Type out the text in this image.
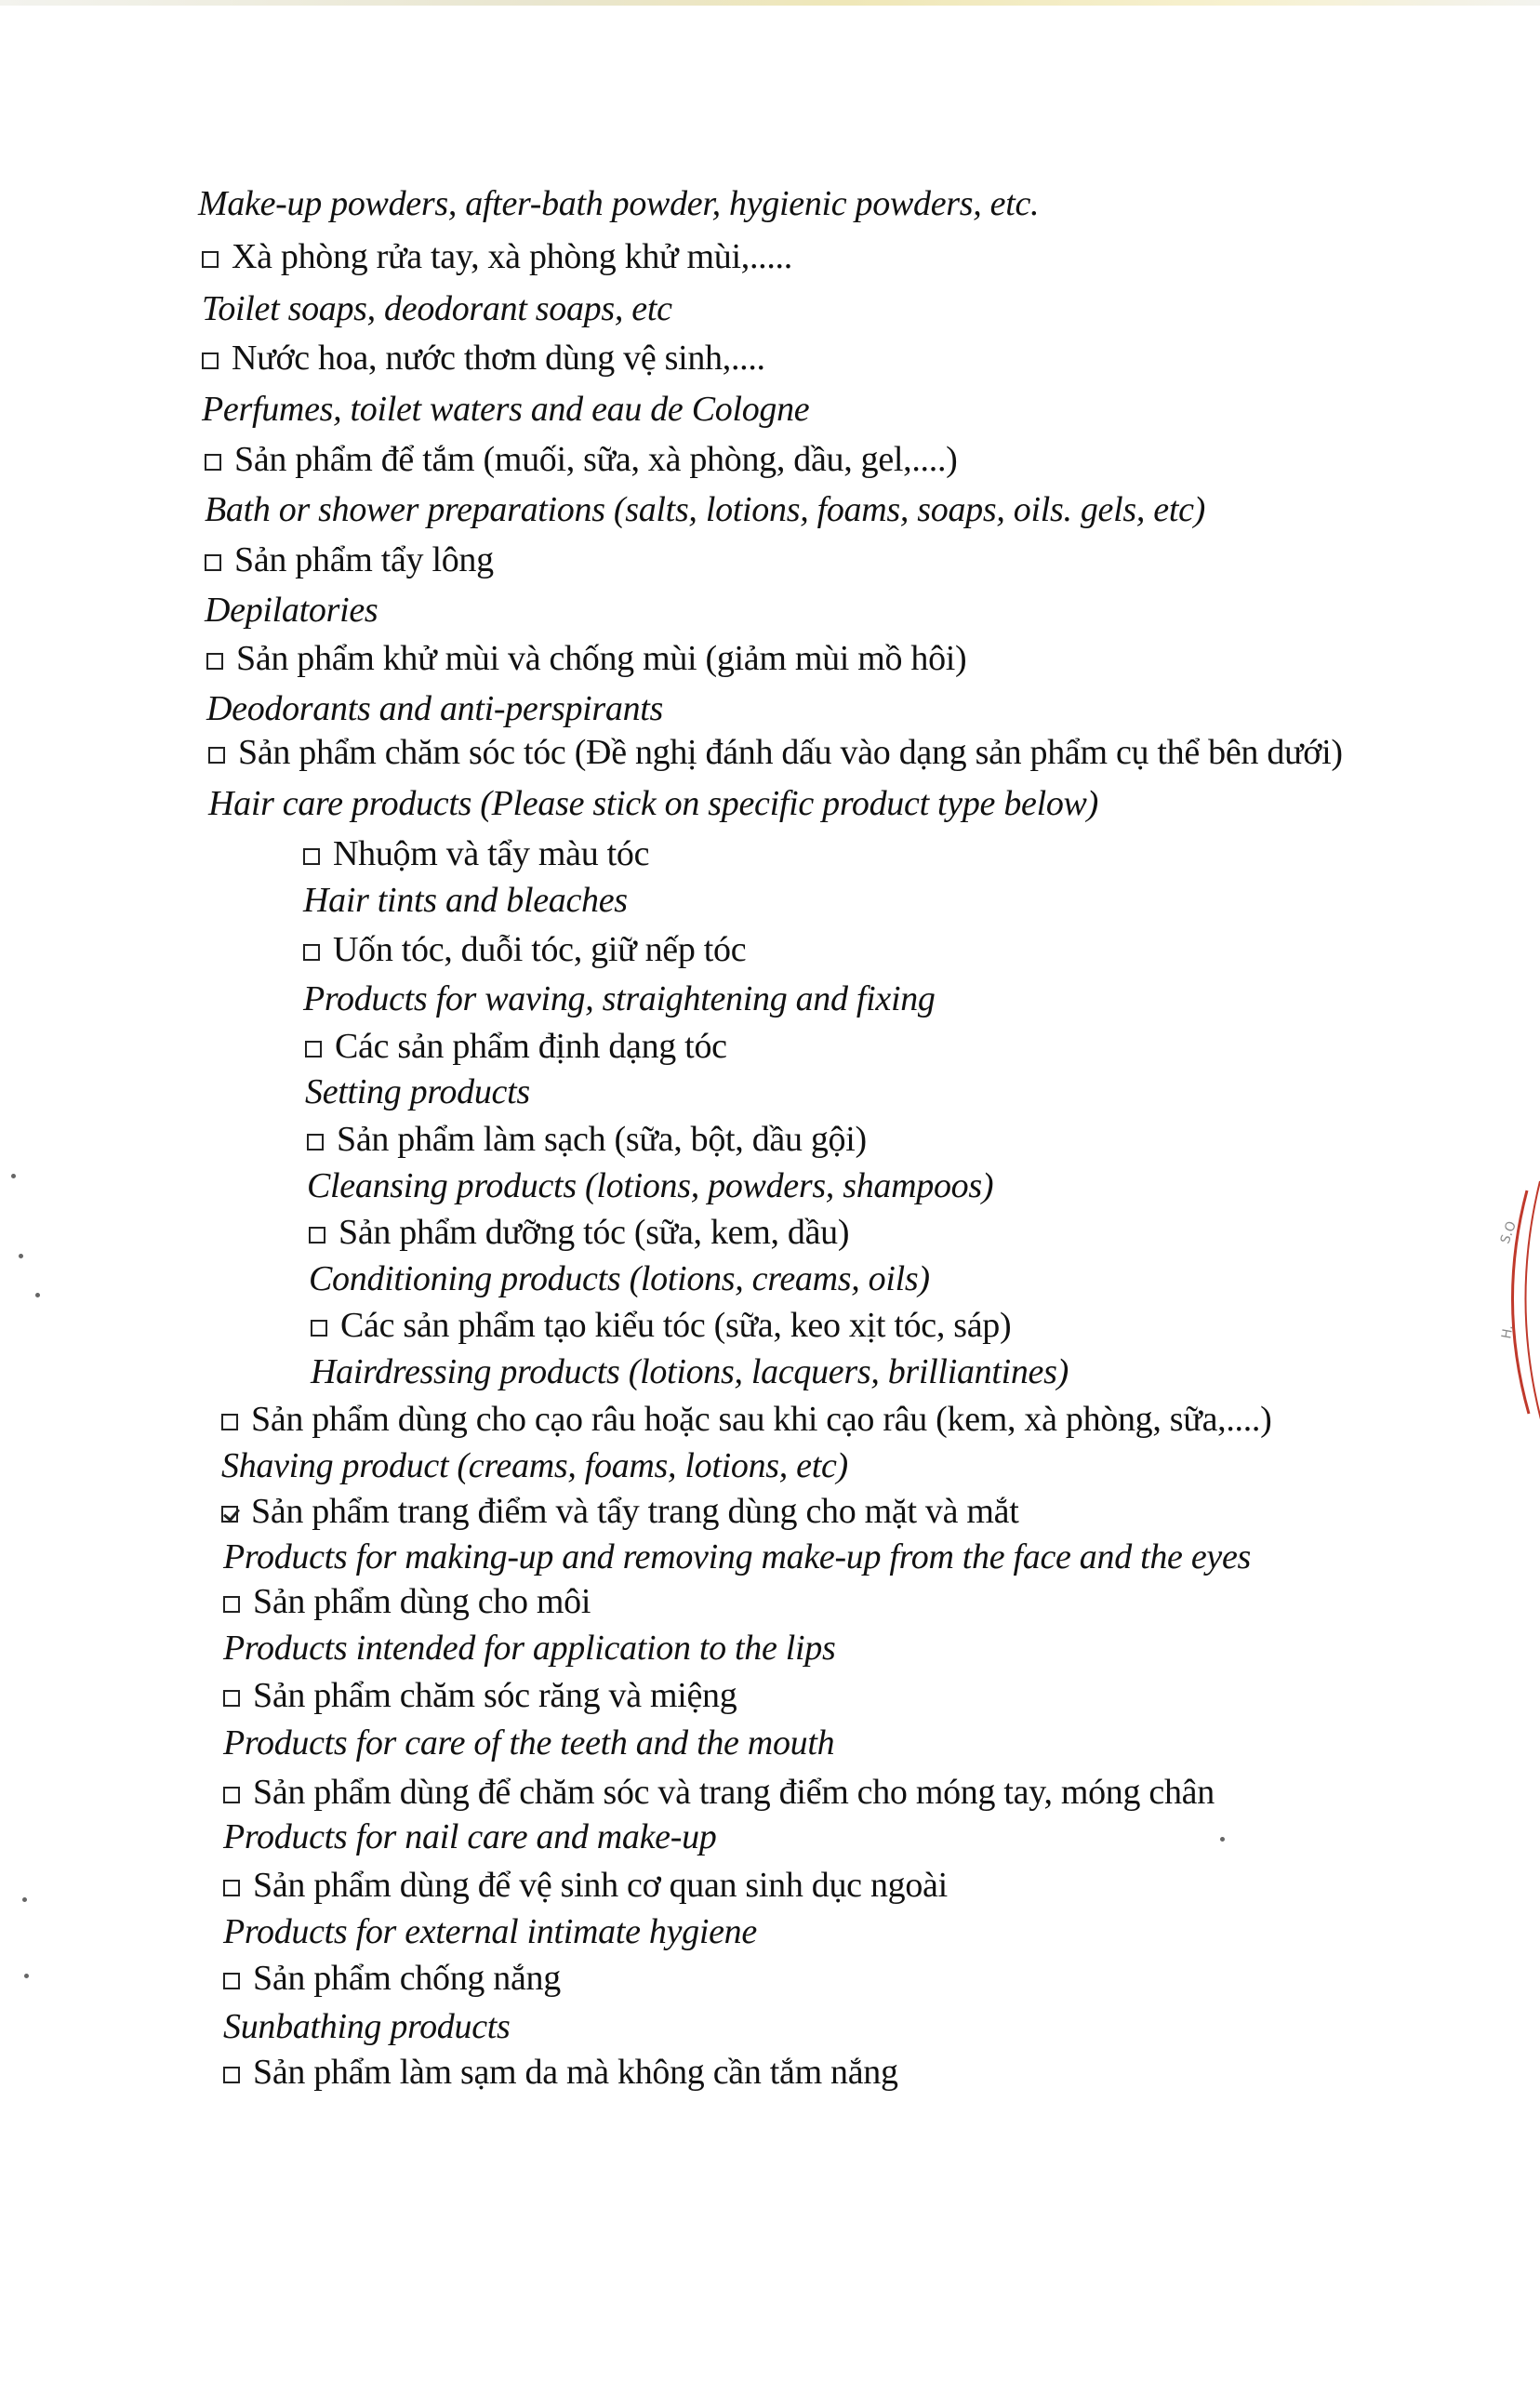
Make-up powders, after-bath powder, hygienic powders, etc.
Xà phòng rửa tay, xà phòng khử mùi,.....
Toilet soaps, deodorant soaps, etc
Nước hoa, nước thơm dùng vệ sinh,....
Perfumes, toilet waters and eau de Cologne
Sản phẩm để tắm (muối, sữa, xà phòng, dầu, gel,....)
Bath or shower preparations (salts, lotions, foams, soaps, oils. gels, etc)
Sản phẩm tẩy lông
Depilatories
Sản phẩm khử mùi và chống mùi (giảm mùi mồ hôi)
Deodorants and anti-perspirants
Sản phẩm chăm sóc tóc (Đề nghị đánh dấu vào dạng sản phẩm cụ thể bên dưới)
Hair care products (Please stick on specific product type below)
Nhuộm và tẩy màu tóc
Hair tints and bleaches
Uốn tóc, duỗi tóc, giữ nếp tóc
Products for waving, straightening and fixing
Các sản phẩm định dạng tóc
Setting products
Sản phẩm làm sạch (sữa, bột, dầu gội)
Cleansing products (lotions, powders, shampoos)
Sản phẩm dưỡng tóc (sữa, kem, dầu)
Conditioning products (lotions, creams, oils)
Các sản phẩm tạo kiểu tóc (sữa, keo xịt tóc, sáp)
Hairdressing products (lotions, lacquers, brilliantines)
Sản phẩm dùng cho cạo râu hoặc sau khi cạo râu (kem, xà phòng, sữa,....)
Shaving product (creams, foams, lotions, etc)
Sản phẩm trang điểm và tẩy trang dùng cho mặt và mắt
Products for making-up and removing make-up from the face and the eyes
Sản phẩm dùng cho môi
Products intended for application to the lips
Sản phẩm chăm sóc răng và miệng
Products for care of the teeth and the mouth
Sản phẩm dùng để chăm sóc và trang điểm cho móng tay, móng chân
Products for nail care and make-up
Sản phẩm dùng để vệ sinh cơ quan sinh dục ngoài
Products for external intimate hygiene
Sản phẩm chống nắng
Sunbathing products
Sản phẩm làm sạm da mà không cần tắm nắng
S.O
H.
